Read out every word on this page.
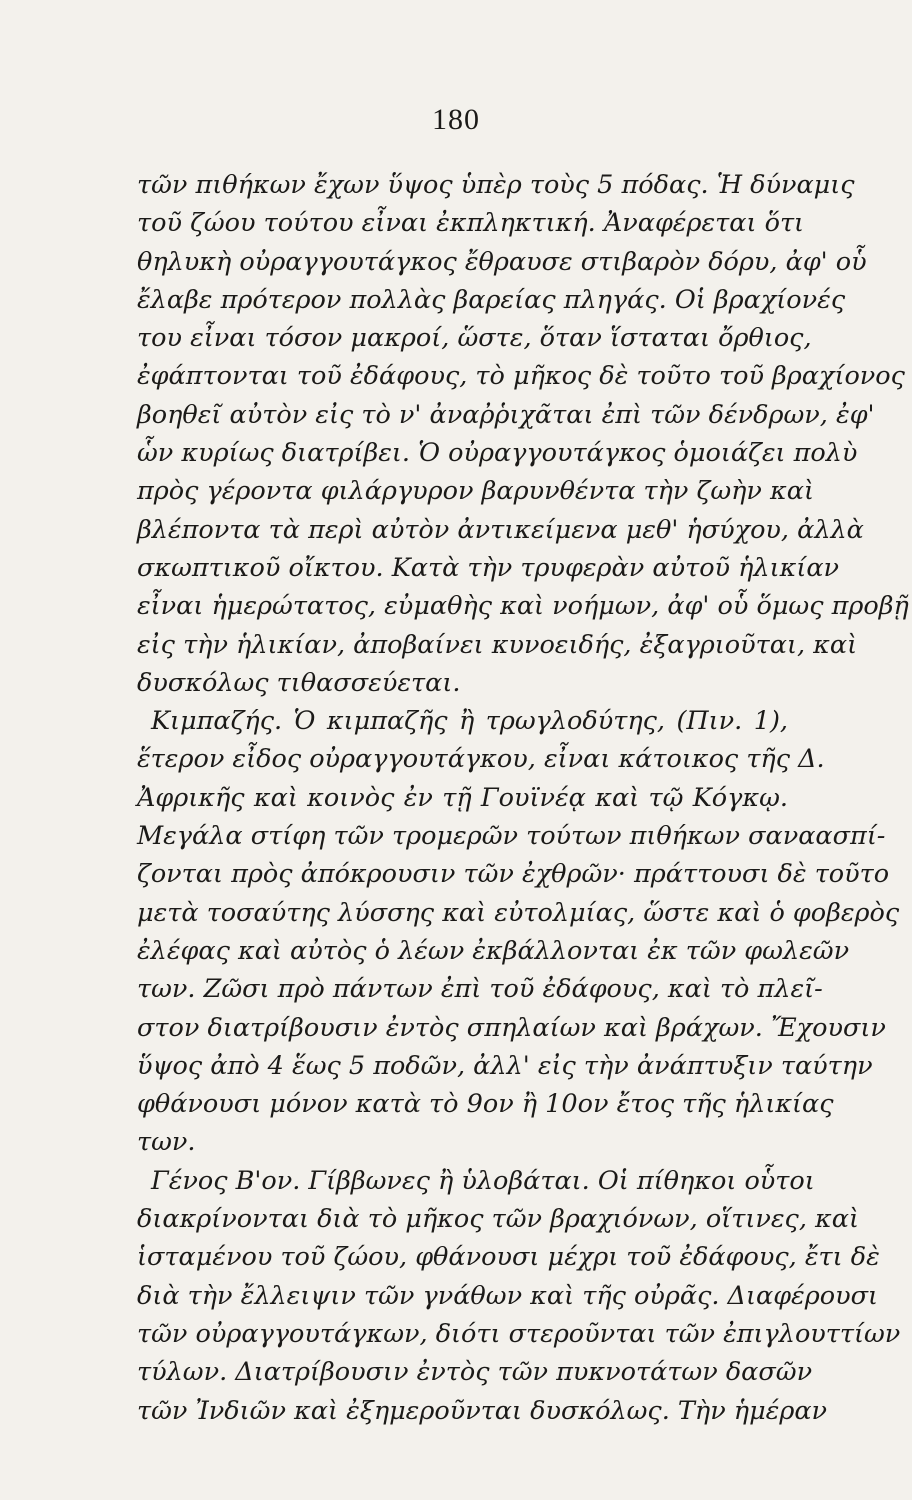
180
τῶν πιθήκων ἔχων ὕψος ὑπὲρ τοὺς 5 πόδας. Ἡ δύναμις
τοῦ ζώου τούτου εἶναι ἐκπληκτική. Ἀναφέρεται ὅτι
θηλυκὴ οὐραγγουτάγκος ἔθραυσε στιβαρὸν δόρυ, ἀφ' οὗ
ἔλαβε πρότερον πολλὰς βαρείας πληγάς. Οἱ βραχίονές
του εἶναι τόσον μακροί, ὥστε, ὅταν ἵσταται ὄρθιος,
ἐφάπτονται τοῦ ἐδάφους, τὸ μῆκος δὲ τοῦτο τοῦ βραχίονος
βοηθεῖ αὐτὸν εἰς τὸ ν' ἀναῤῥιχᾶται ἐπὶ τῶν δένδρων, ἐφ'
ὧν κυρίως διατρίβει. Ὁ οὐραγγουτάγκος ὁμοιάζει πολὺ
πρὸς γέροντα φιλάργυρον βαρυνθέντα τὴν ζωὴν καὶ
βλέποντα τὰ περὶ αὐτὸν ἀντικείμενα μεθ' ἡσύχου, ἀλλὰ
σκωπτικοῦ οἴκτου. Κατὰ τὴν τρυφερὰν αὐτοῦ ἡλικίαν
εἶναι ἡμερώτατος, εὐμαθὴς καὶ νοήμων, ἀφ' οὗ ὅμως προβῇ
εἰς τὴν ἡλικίαν, ἀποβαίνει κυνοειδής, ἐξαγριοῦται, καὶ
δυσκόλως τιθασσεύεται.
Κιμπαζής. Ὁ κιμπαζῆς ἢ τρωγλοδύτης, (Πιν. 1),
ἕτερον εἶδος οὐραγγουτάγκου, εἶναι κάτοικος τῆς Δ.
Ἀφρικῆς καὶ κοινὸς ἐν τῇ Γουϊνέᾳ καὶ τῷ Κόγκῳ.
Μεγάλα στίφη τῶν τρομερῶν τούτων πιθήκων σαναασπί-
ζονται πρὸς ἀπόκρουσιν τῶν ἐχθρῶν· πράττουσι δὲ τοῦτο
μετὰ τοσαύτης λύσσης καὶ εὐτολμίας, ὥστε καὶ ὁ φοβερὸς
ἐλέφας καὶ αὐτὸς ὁ λέων ἐκβάλλονται ἐκ τῶν φωλεῶν
των. Ζῶσι πρὸ πάντων ἐπὶ τοῦ ἐδάφους, καὶ τὸ πλεῖ-
στον διατρίβουσιν ἐντὸς σπηλαίων καὶ βράχων. Ἔχουσιν
ὕψος ἀπὸ 4 ἕως 5 ποδῶν, ἀλλ' εἰς τὴν ἀνάπτυξιν ταύτην
φθάνουσι μόνον κατὰ τὸ 9ον ἢ 10ον ἔτος τῆς ἡλικίας
των.
Γένος Β'ον. Γίββωνες ἢ ὑλοβάται. Οἱ πίθηκοι οὗτοι
διακρίνονται διὰ τὸ μῆκος τῶν βραχιόνων, οἵτινες, καὶ
ἱσταμένου τοῦ ζώου, φθάνουσι μέχρι τοῦ ἐδάφους, ἔτι δὲ
διὰ τὴν ἔλλειψιν τῶν γνάθων καὶ τῆς οὐρᾶς. Διαφέρουσι
τῶν οὐραγγουτάγκων, διότι στεροῦνται τῶν ἐπιγλουττίων
τύλων. Διατρίβουσιν ἐντὸς τῶν πυκνοτάτων δασῶν
τῶν Ἰνδιῶν καὶ ἐξημεροῦνται δυσκόλως. Τὴν ἡμέραν
